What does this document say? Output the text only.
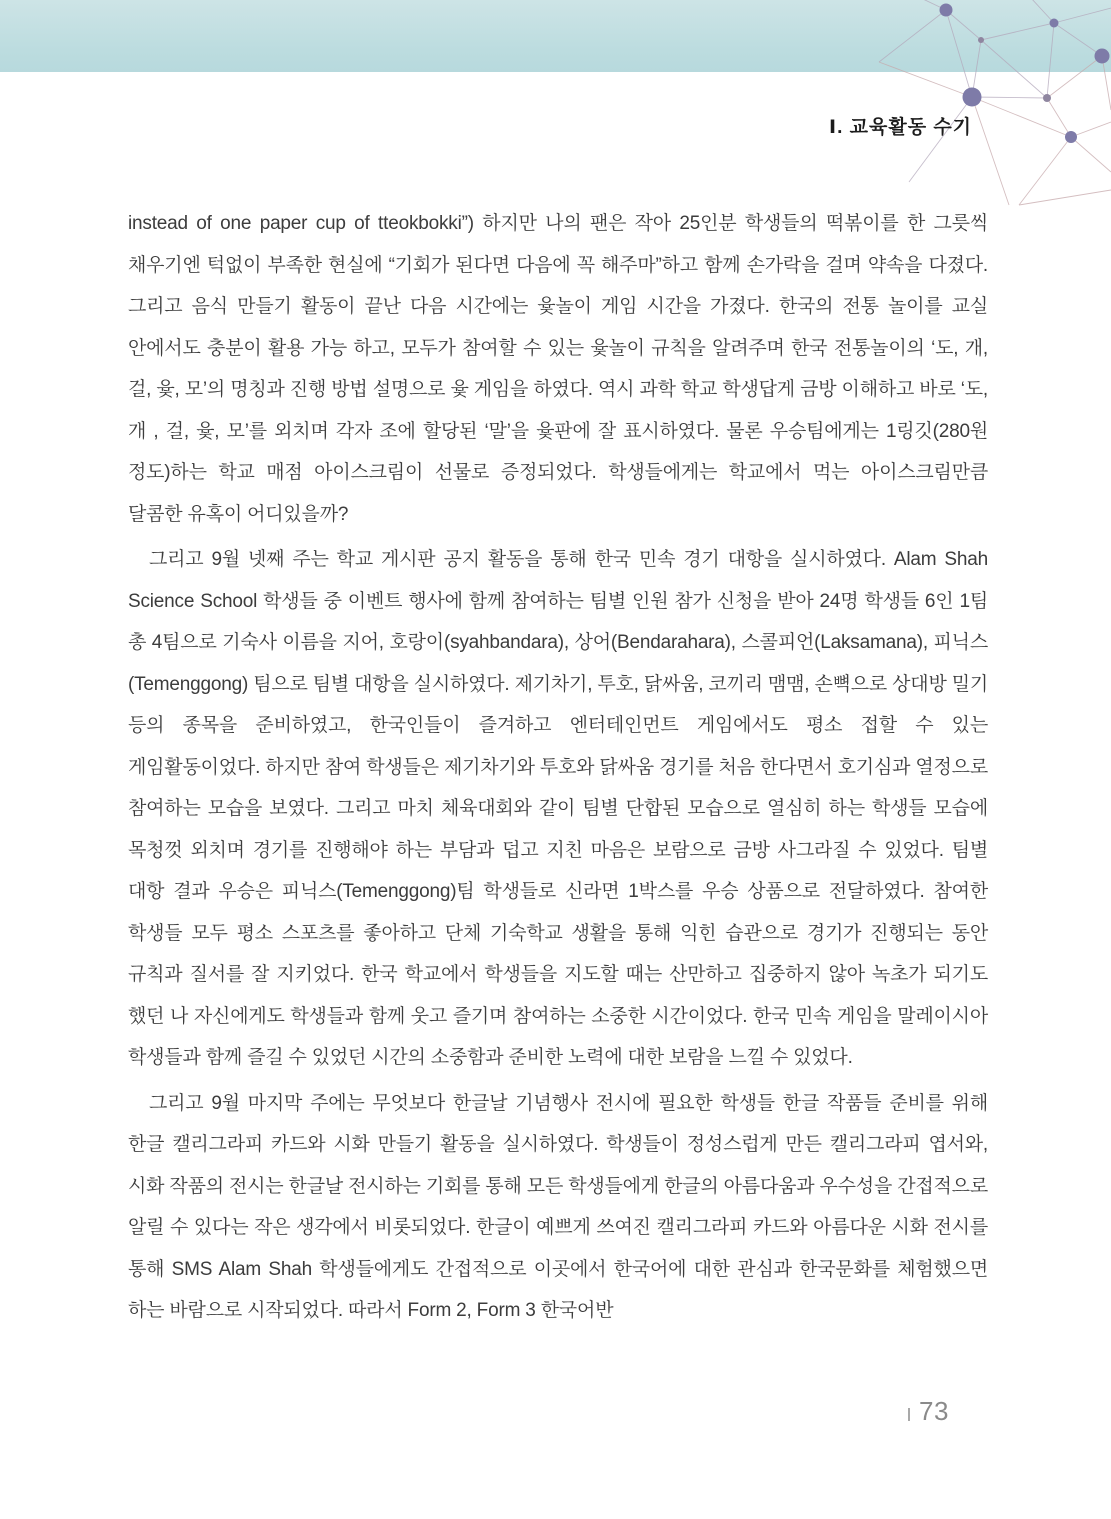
Ⅰ. 교육활동 수기

instead of one paper cup of tteokbokki”) 하지만 나의 팬은 작아 25인분 학생들의 떡볶이를 한 그릇씩 채우기엔 턱없이 부족한 현실에 “기회가 된다면 다음에 꼭 해주마”하고 함께 손가락을 걸며 약속을 다졌다. 그리고 음식 만들기 활동이 끝난 다음 시간에는 윷놀이 게임 시간을 가졌다. 한국의 전통 놀이를 교실 안에서도 충분이 활용 가능 하고, 모두가 참여할 수 있는 윷놀이 규칙을 알려주며 한국 전통놀이의 ‘도, 개, 걸, 윷, 모’의 명칭과 진행 방법 설명으로 윷 게임을 하였다. 역시 과학 학교 학생답게 금방 이해하고 바로 ‘도, 개 , 걸, 윷, 모’를 외치며 각자 조에 할당된 ‘말’을 윷판에 잘 표시하였다. 물론 우승팀에게는 1링깃(280원 정도)하는 학교 매점 아이스크림이 선물로 증정되었다. 학생들에게는 학교에서 먹는 아이스크림만큼 달콤한 유혹이 어디있을까?

그리고 9월 넷째 주는 학교 게시판 공지 활동을 통해 한국 민속 경기 대항을 실시하였다. Alam Shah Science School 학생들 중 이벤트 행사에 함께 참여하는 팀별 인원 참가 신청을 받아 24명 학생들 6인 1팀 총 4팀으로 기숙사 이름을 지어, 호랑이(syahbandara), 상어(Bendarahara), 스콜피언(Laksamana), 피닉스(Temenggong) 팀으로 팀별 대항을 실시하였다. 제기차기, 투호, 닭싸움, 코끼리 맴맴, 손뼉으로 상대방 밀기 등의 종목을 준비하였고, 한국인들이 즐겨하고 엔터테인먼트 게임에서도 평소 접할 수 있는 게임활동이었다. 하지만 참여 학생들은 제기차기와 투호와 닭싸움 경기를 처음 한다면서 호기심과 열정으로 참여하는 모습을 보였다. 그리고 마치 체육대회와 같이 팀별 단합된 모습으로 열심히 하는 학생들 모습에 목청껏 외치며 경기를 진행해야 하는 부담과 덥고 지친 마음은 보람으로 금방 사그라질 수 있었다. 팀별 대항 결과 우승은 피닉스(Temenggong)팀 학생들로 신라면 1박스를 우승 상품으로 전달하였다. 참여한 학생들 모두 평소 스포츠를 좋아하고 단체 기숙학교 생활을 통해 익힌 습관으로 경기가 진행되는 동안 규칙과 질서를 잘 지키었다. 한국 학교에서 학생들을 지도할 때는 산만하고 집중하지 않아 녹초가 되기도 했던 나 자신에게도 학생들과 함께 웃고 즐기며 참여하는 소중한 시간이었다. 한국 민속 게임을 말레이시아 학생들과 함께 즐길 수 있었던 시간의 소중함과 준비한 노력에 대한 보람을 느낄 수 있었다.

그리고 9월 마지막 주에는 무엇보다 한글날 기념행사 전시에 필요한 학생들 한글 작품들 준비를 위해 한글 캘리그라피 카드와 시화 만들기 활동을 실시하였다. 학생들이 정성스럽게 만든 캘리그라피 엽서와, 시화 작품의 전시는 한글날 전시하는 기회를 통해 모든 학생들에게 한글의 아름다움과 우수성을 간접적으로 알릴 수 있다는 작은 생각에서 비롯되었다. 한글이 예쁘게 쓰여진 캘리그라피 카드와 아름다운 시화 전시를 통해 SMS Alam Shah 학생들에게도 간접적으로 이곳에서 한국어에 대한 관심과 한국문화를 체험했으면 하는 바람으로 시작되었다. 따라서 Form 2, Form 3 한국어반

73
